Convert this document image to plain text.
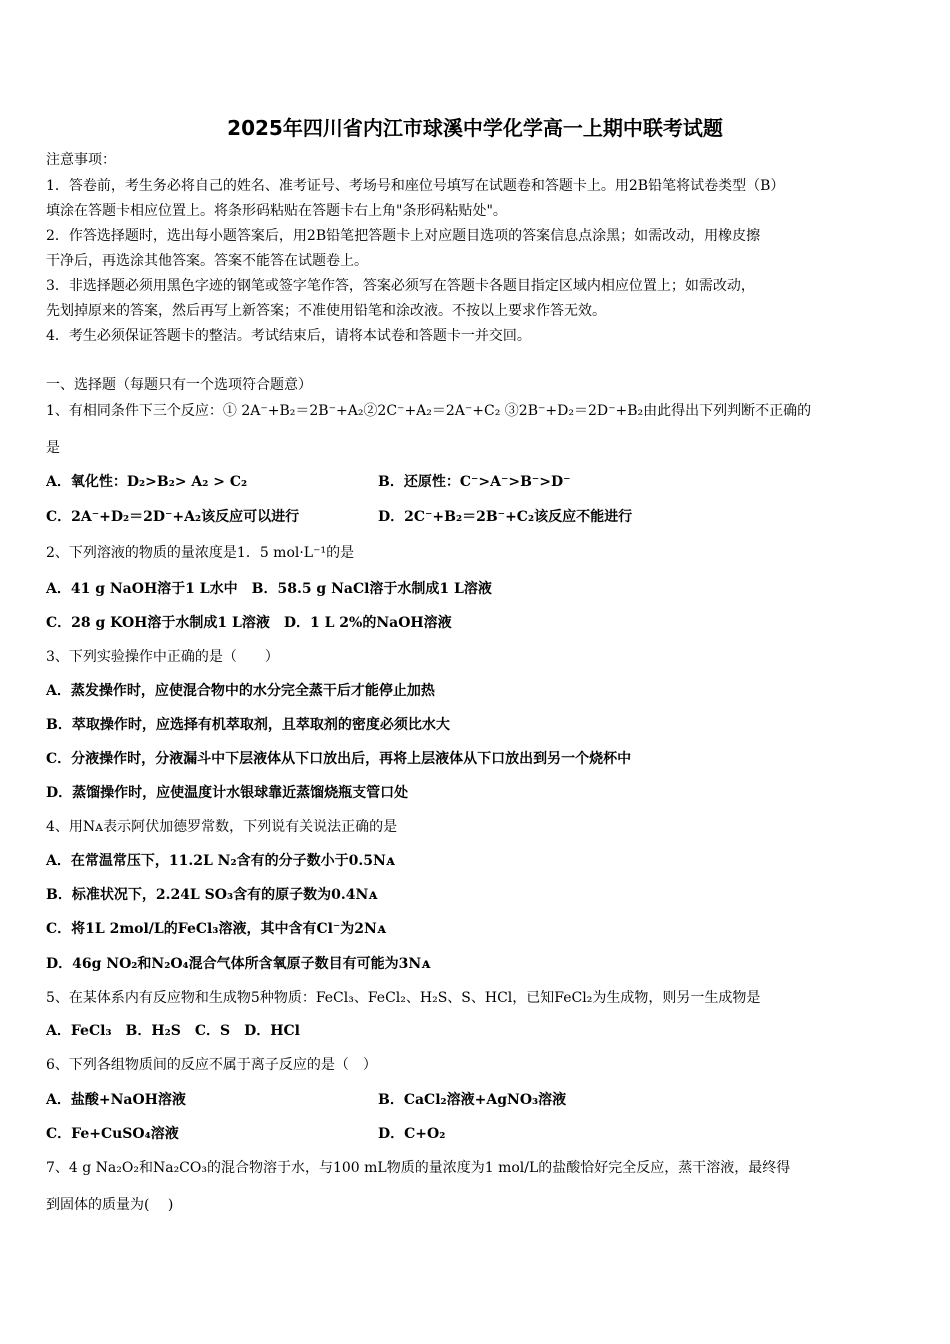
2025年四川省内江市球溪中学化学高一上期中联考试题
注意事项：
1．答卷前，考生务必将自己的姓名、准考证号、考场号和座位号填写在试题卷和答题卡上。用2B铅笔将试卷类型（B）
填涂在答题卡相应位置上。将条形码粘贴在答题卡右上角"条形码粘贴处"。
2．作答选择题时，选出每小题答案后，用2B铅笔把答题卡上对应题目选项的答案信息点涂黑；如需改动，用橡皮擦
干净后，再选涂其他答案。答案不能答在试题卷上。
3．非选择题必须用黑色字迹的钢笔或签字笔作答，答案必须写在答题卡各题目指定区域内相应位置上；如需改动，
先划掉原来的答案，然后再写上新答案；不准使用铅笔和涂改液。不按以上要求作答无效。
4．考生必须保证答题卡的整洁。考试结束后，请将本试卷和答题卡一并交回。
一、选择题（每题只有一个选项符合题意）
1、有相同条件下三个反应：① 2A⁻+B₂＝2B⁻+A₂②2C⁻+A₂＝2A⁻+C₂ ③2B⁻+D₂＝2D⁻+B₂由此得出下列判断不正确的
是
A．氧化性：D₂>B₂> A₂ > C₂	B．还原性：C⁻>A⁻>B⁻>D⁻
C．2A⁻+D₂＝2D⁻+A₂该反应可以进行	D．2C⁻+B₂＝2B⁻+C₂该反应不能进行
2、下列溶液的物质的量浓度是1．5 mol·L⁻¹的是
A．41 g NaOH溶于1 L水中　B．58.5 g NaCl溶于水制成1 L溶液
C．28 g KOH溶于水制成1 L溶液　D．1 L 2%的NaOH溶液
3、下列实验操作中正确的是（　　）
A．蒸发操作时，应使混合物中的水分完全蒸干后才能停止加热
B．萃取操作时，应选择有机萃取剂，且萃取剂的密度必须比水大
C．分液操作时，分液漏斗中下层液体从下口放出后，再将上层液体从下口放出到另一个烧杯中
D．蒸馏操作时，应使温度计水银球靠近蒸馏烧瓶支管口处
4、用Nᴀ表示阿伏加德罗常数，下列说有关说法正确的是
A．在常温常压下，11.2L N₂含有的分子数小于0.5Nᴀ
B．标准状况下，2.24L SO₃含有的原子数为0.4Nᴀ
C．将1L 2mol/L的FeCl₃溶液，其中含有Cl⁻为2Nᴀ
D．46g NO₂和N₂O₄混合气体所含氧原子数目有可能为3Nᴀ
5、在某体系内有反应物和生成物5种物质：FeCl₃、FeCl₂、H₂S、S、HCl，已知FeCl₂为生成物，则另一生成物是
A．FeCl₃　B．H₂S　C．S　D．HCl
6、下列各组物质间的反应不属于离子反应的是（　）
A．盐酸+NaOH溶液	B．CaCl₂溶液+AgNO₃溶液
C．Fe+CuSO₄溶液	D．C+O₂
7、4 g Na₂O₂和Na₂CO₃的混合物溶于水，与100 mL物质的量浓度为1 mol/L的盐酸恰好完全反应，蒸干溶液，最终得
到固体的质量为(　 )
